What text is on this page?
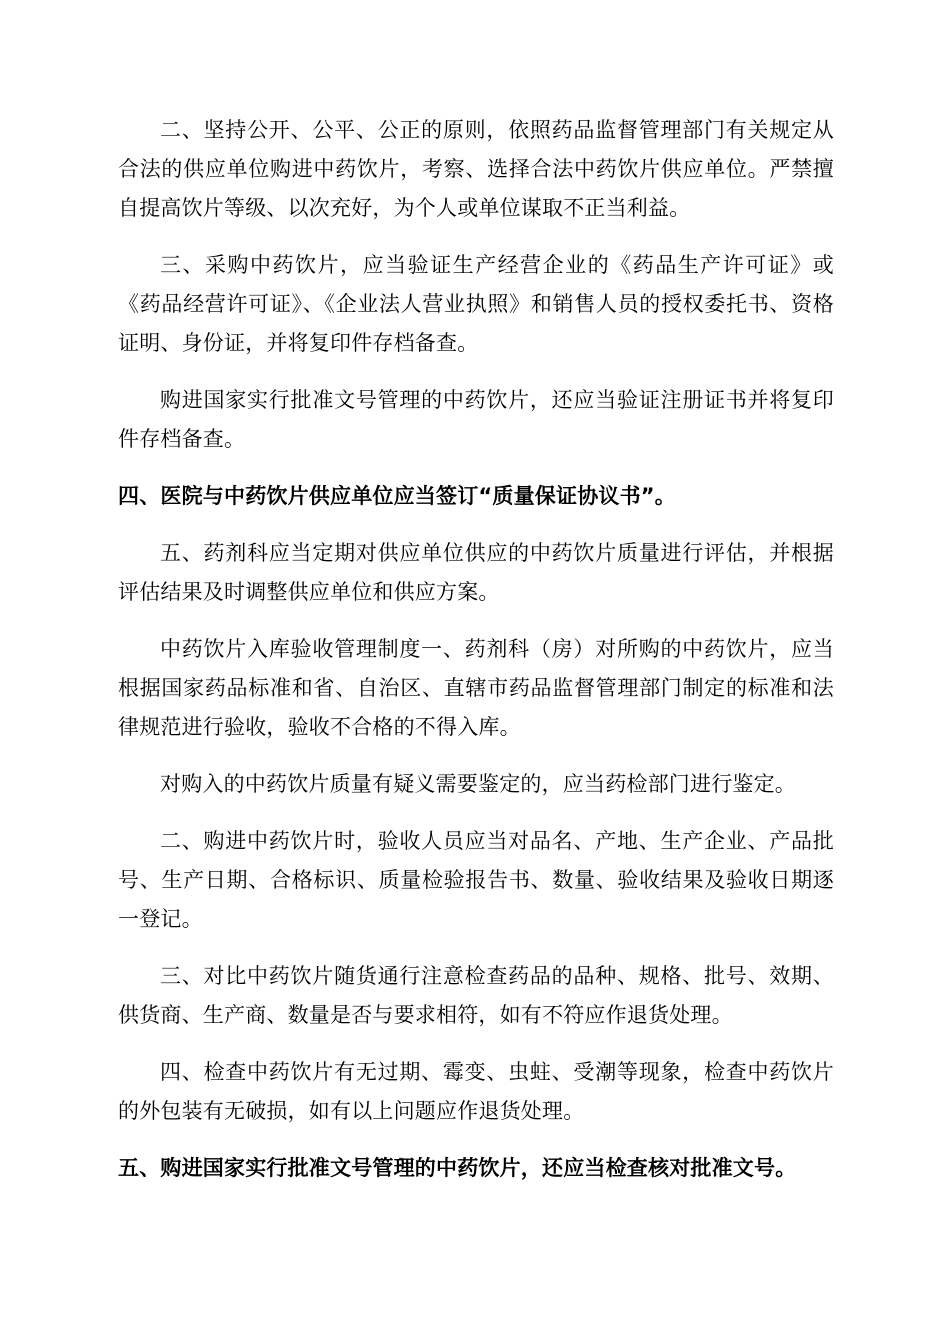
二、坚持公开、公平、公正的原则，依照药品监督管理部门有关规定从合法的供应单位购进中药饮片，考察、选择合法中药饮片供应单位。严禁擅自提高饮片等级、以次充好，为个人或单位谋取不正当利益。

三、采购中药饮片，应当验证生产经营企业的《药品生产许可证》或《药品经营许可证》、《企业法人营业执照》和销售人员的授权委托书、资格证明、身份证，并将复印件存档备查。

购进国家实行批准文号管理的中药饮片，还应当验证注册证书并将复印件存档备查。

四、医院与中药饮片供应单位应当签订“质量保证协议书”。

五、药剂科应当定期对供应单位供应的中药饮片质量进行评估，并根据评估结果及时调整供应单位和供应方案。

中药饮片入库验收管理制度一、药剂科（房）对所购的中药饮片，应当根据国家药品标准和省、自治区、直辖市药品监督管理部门制定的标准和法律规范进行验收，验收不合格的不得入库。

对购入的中药饮片质量有疑义需要鉴定的，应当药检部门进行鉴定。

二、购进中药饮片时，验收人员应当对品名、产地、生产企业、产品批号、生产日期、合格标识、质量检验报告书、数量、验收结果及验收日期逐一登记。

三、对比中药饮片随货通行注意检查药品的品种、规格、批号、效期、供货商、生产商、数量是否与要求相符，如有不符应作退货处理。

四、检查中药饮片有无过期、霉变、虫蛀、受潮等现象，检查中药饮片的外包装有无破损，如有以上问题应作退货处理。

五、购进国家实行批准文号管理的中药饮片，还应当检查核对批准文号。
